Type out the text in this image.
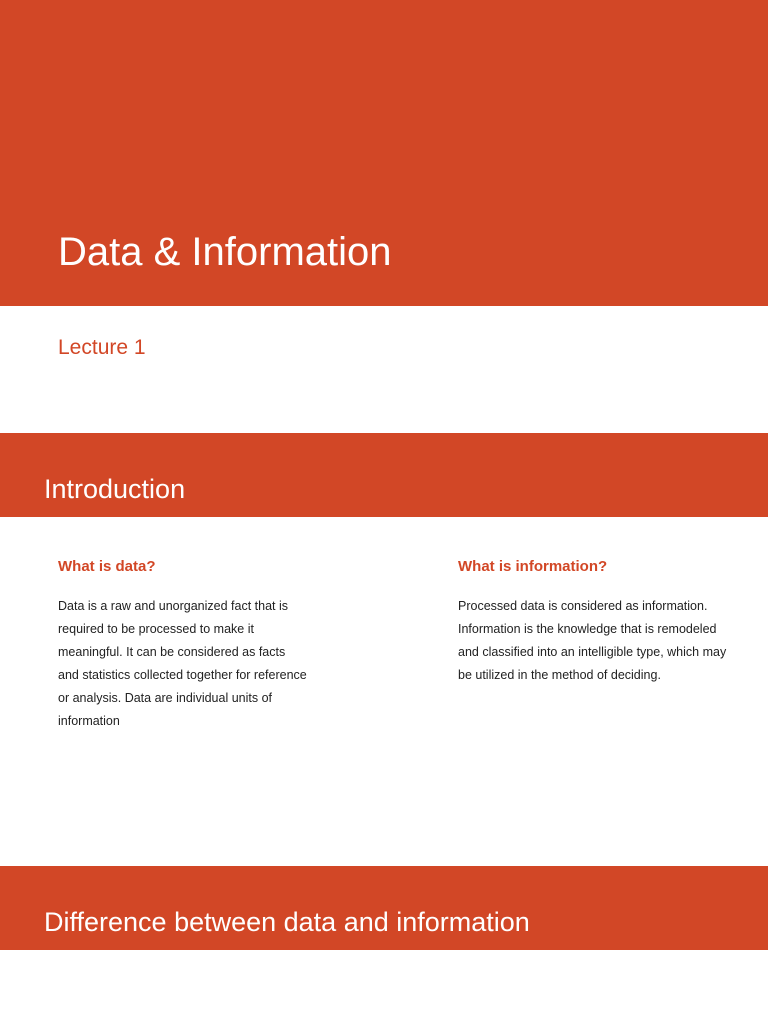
Data & Information
Lecture 1
Introduction
What is data?

Data is a raw and unorganized fact that is required to be processed to make it meaningful. It can be considered as facts and statistics collected together for reference or analysis. Data are individual units of information

What is information?

Processed data is considered as information. Information is the knowledge that is remodeled and classified into an intelligible type, which may be utilized in the method of deciding.

Difference between data and information
